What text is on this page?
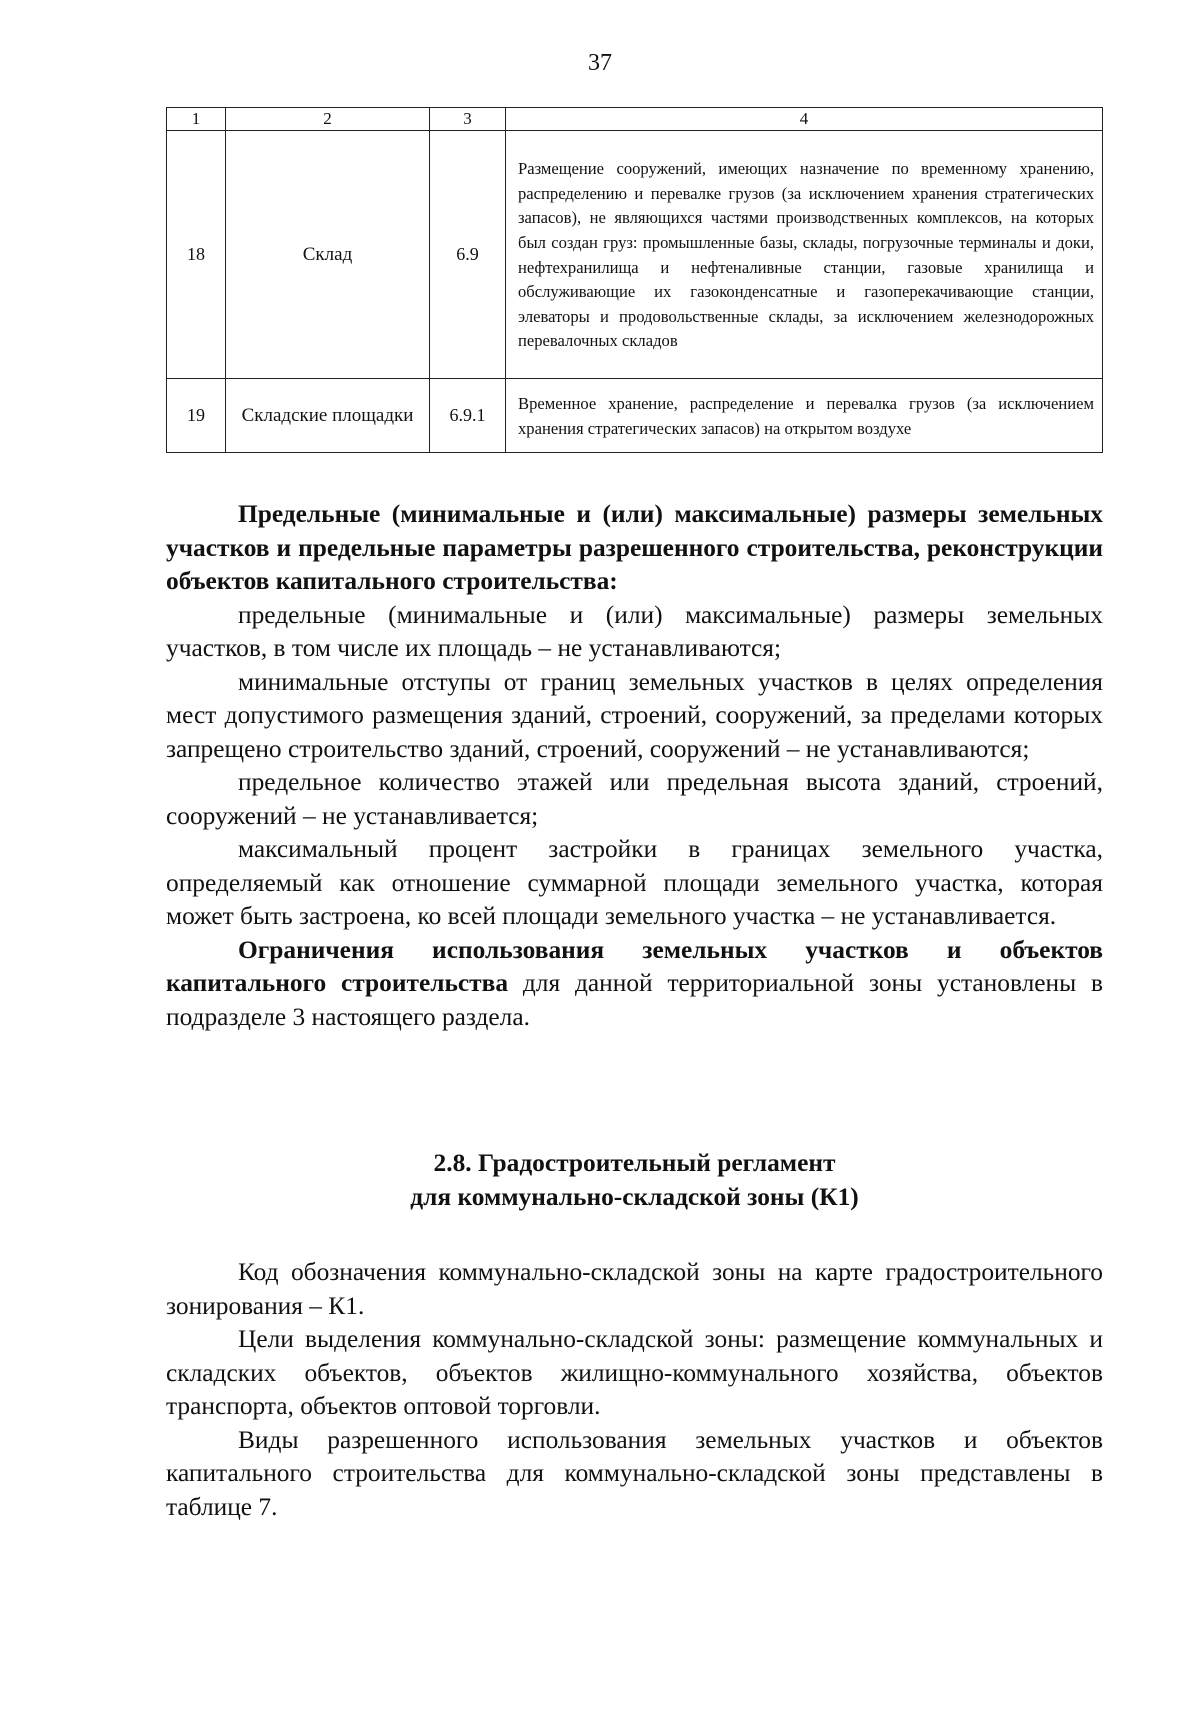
37
1	2	3	4
18	Склад	6.9	Размещение сооружений, имеющих назначение по временному хранению, распределению и перевалке грузов (за исключением хранения стратегических запасов), не являющихся частями производственных комплексов, на которых был создан груз: промышленные базы, склады, погрузочные терминалы и доки, нефтехранилища и нефтеналивные станции, газовые хранилища и обслуживающие их газоконденсатные и газоперекачивающие станции, элеваторы и продовольственные склады, за исключением железнодорожных перевалочных складов
19	Складские площадки	6.9.1	Временное хранение, распределение и перевалка грузов (за исключением хранения стратегических запасов) на открытом воздухе

Предельные (минимальные и (или) максимальные) размеры земельных участков и предельные параметры разрешенного строительства, реконструкции объектов капитального строительства:

предельные (минимальные и (или) максимальные) размеры земельных участков, в том числе их площадь – не устанавливаются;

минимальные отступы от границ земельных участков в целях определения мест допустимого размещения зданий, строений, сооружений, за пределами которых запрещено строительство зданий, строений, сооружений – не устанавливаются;

предельное количество этажей или предельная высота зданий, строений, сооружений – не устанавливается;

максимальный процент застройки в границах земельного участка, определяемый как отношение суммарной площади земельного участка, которая может быть застроена, ко всей площади земельного участка – не устанавливается.

Ограничения использования земельных участков и объектов капитального строительства для данной территориальной зоны установлены в подразделе 3 настоящего раздела.

2.8. Градостроительный регламент

для коммунально-складской зоны (К1)

Код обозначения коммунально-складской зоны на карте градостроительного зонирования – К1.

Цели выделения коммунально-складской зоны: размещение коммунальных и складских объектов, объектов жилищно-коммунального хозяйства, объектов транспорта, объектов оптовой торговли.

Виды разрешенного использования земельных участков и объектов капитального строительства для коммунально-складской зоны представлены в таблице 7.
